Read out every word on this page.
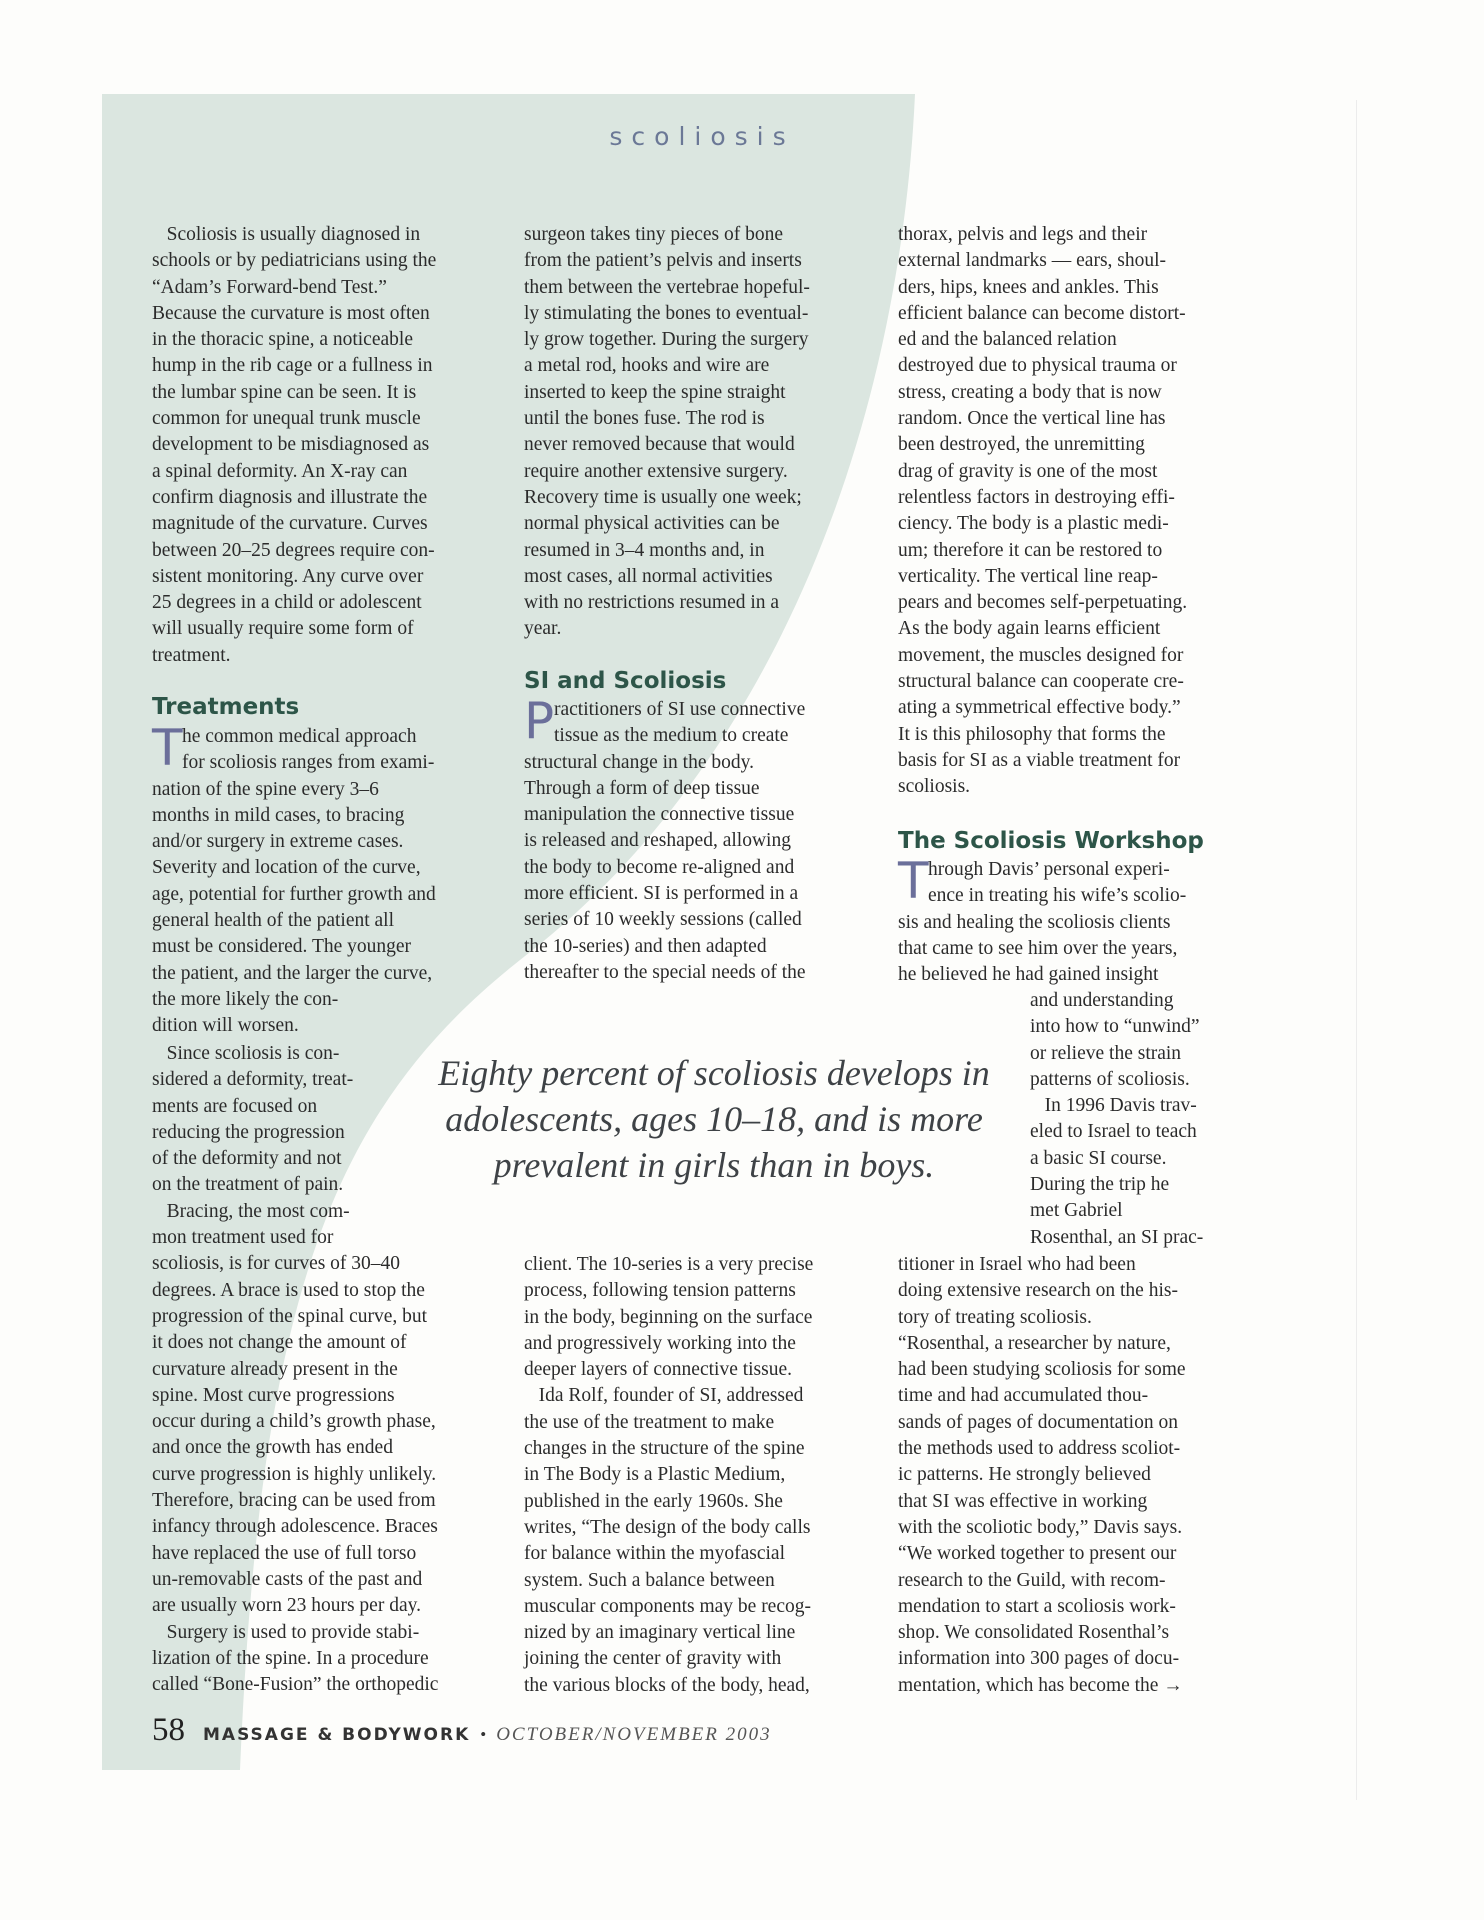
scoliosis
Scoliosis is usually diagnosed in
schools or by pediatricians using the
“Adam’s Forward-bend Test.”
Because the curvature is most often
in the thoracic spine, a noticeable
hump in the rib cage or a fullness in
the lumbar spine can be seen. It is
common for unequal trunk muscle
development to be misdiagnosed as
a spinal deformity. An X-ray can
confirm diagnosis and illustrate the
magnitude of the curvature. Curves
between 20–25 degrees require con-
sistent monitoring. Any curve over
25 degrees in a child or adolescent
will usually require some form of
treatment.
Treatments
T he common medical approach
for scoliosis ranges from exami-
nation of the spine every 3–6
months in mild cases, to bracing
and/or surgery in extreme cases.
Severity and location of the curve,
age, potential for further growth and
general health of the patient all
must be considered. The younger
the patient, and the larger the curve,
the more likely the con-
dition will worsen.
Since scoliosis is con-
sidered a deformity, treat-
ments are focused on
reducing the progression
of the deformity and not
on the treatment of pain.
Bracing, the most com-
mon treatment used for
scoliosis, is for curves of 30–40
degrees. A brace is used to stop the
progression of the spinal curve, but
it does not change the amount of
curvature already present in the
spine. Most curve progressions
occur during a child’s growth phase,
and once the growth has ended
curve progression is highly unlikely.
Therefore, bracing can be used from
infancy through adolescence. Braces
have replaced the use of full torso
un-removable casts of the past and
are usually worn 23 hours per day.
Surgery is used to provide stabi-
lization of the spine. In a procedure
called “Bone-Fusion” the orthopedic
surgeon takes tiny pieces of bone
from the patient’s pelvis and inserts
them between the vertebrae hopeful-
ly stimulating the bones to eventual-
ly grow together. During the surgery
a metal rod, hooks and wire are
inserted to keep the spine straight
until the bones fuse. The rod is
never removed because that would
require another extensive surgery.
Recovery time is usually one week;
normal physical activities can be
resumed in 3–4 months and, in
most cases, all normal activities
with no restrictions resumed in a
year.
SI and Scoliosis
P ractitioners of SI use connective
tissue as the medium to create
structural change in the body.
Through a form of deep tissue
manipulation the connective tissue
is released and reshaped, allowing
the body to become re-aligned and
more efficient. SI is performed in a
series of 10 weekly sessions (called
the 10-series) and then adapted
thereafter to the special needs of the
client. The 10-series is a very precise
process, following tension patterns
in the body, beginning on the surface
and progressively working into the
deeper layers of connective tissue.
Ida Rolf, founder of SI, addressed
the use of the treatment to make
changes in the structure of the spine
in The Body is a Plastic Medium,
published in the early 1960s. She
writes, “The design of the body calls
for balance within the myofascial
system. Such a balance between
muscular components may be recog-
nized by an imaginary vertical line
joining the center of gravity with
the various blocks of the body, head,
thorax, pelvis and legs and their
external landmarks — ears, shoul-
ders, hips, knees and ankles. This
efficient balance can become distort-
ed and the balanced relation
destroyed due to physical trauma or
stress, creating a body that is now
random. Once the vertical line has
been destroyed, the unremitting
drag of gravity is one of the most
relentless factors in destroying effi-
ciency. The body is a plastic medi-
um; therefore it can be restored to
verticality. The vertical line reap-
pears and becomes self-perpetuating.
As the body again learns efficient
movement, the muscles designed for
structural balance can cooperate cre-
ating a symmetrical effective body.”
It is this philosophy that forms the
basis for SI as a viable treatment for
scoliosis.
The Scoliosis Workshop
T hrough Davis’ personal experi-
ence in treating his wife’s scolio-
sis and healing the scoliosis clients
that came to see him over the years,
he believed he had gained insight
and understanding
into how to “unwind”
or relieve the strain
patterns of scoliosis.
In 1996 Davis trav-
eled to Israel to teach
a basic SI course.
During the trip he
met Gabriel
Rosenthal, an SI prac-
titioner in Israel who had been
doing extensive research on the his-
tory of treating scoliosis.
“Rosenthal, a researcher by nature,
had been studying scoliosis for some
time and had accumulated thou-
sands of pages of documentation on
the methods used to address scoliot-
ic patterns. He strongly believed
that SI was effective in working
with the scoliotic body,” Davis says.
“We worked together to present our
research to the Guild, with recom-
mendation to start a scoliosis work-
shop. We consolidated Rosenthal’s
information into 300 pages of docu-
mentation, which has become the →
Eighty percent of scoliosis develops in
adolescents, ages 10–18, and is more
prevalent in girls than in boys.
58 MASSAGE & BODYWORK • OCTOBER/NOVEMBER 2003
